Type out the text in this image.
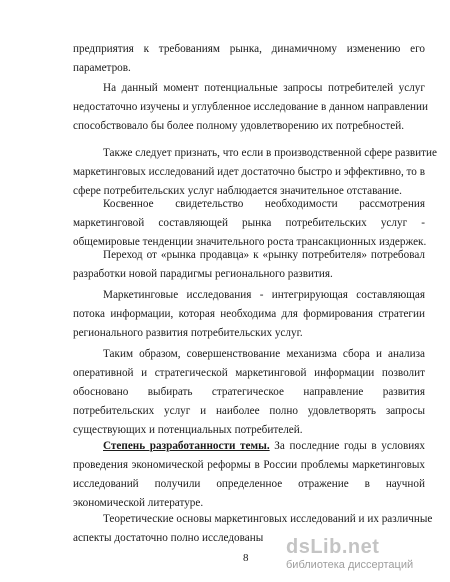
предприятия к требованиям рынка, динамичному изменению его
параметров.

На данный момент потенциальные запросы потребителей услуг
недостаточно изучены и углубленное исследование в данном направлении
способствовало бы более полному удовлетворению их потребностей.

Также следует признать, что если в производственной сфере развитие
маркетинговых исследований идет достаточно быстро и эффективно, то в
сфере потребительских услуг наблюдается значительное отставание.

Косвенное свидетельство необходимости рассмотрения
маркетинговой составляющей рынка потребительских услуг -
общемировые тенденции значительного роста трансакционных издержек.

Переход от «рынка продавца» к «рынку потребителя» потребовал
разработки новой парадигмы регионального развития.

Маркетинговые исследования - интегрирующая составляющая
потока информации, которая необходима для формирования стратегии
регионального развития потребительских услуг.

Таким образом, совершенствование механизма сбора и анализа
оперативной и стратегической маркетинговой информации позволит
обосновано выбирать стратегическое направление развития
потребительских услуг и наиболее полно удовлетворять запросы
существующих и потенциальных потребителей.

Степень разработанности темы. За последние годы в условиях
проведения экономической реформы в России проблемы маркетинговых
исследований получили определенное отражение в научной
экономической литературе.

Теоретические основы маркетинговых исследований и их различные
аспекты достаточно полно исследованы

8 dsLib.net
библиотека диссертаций
